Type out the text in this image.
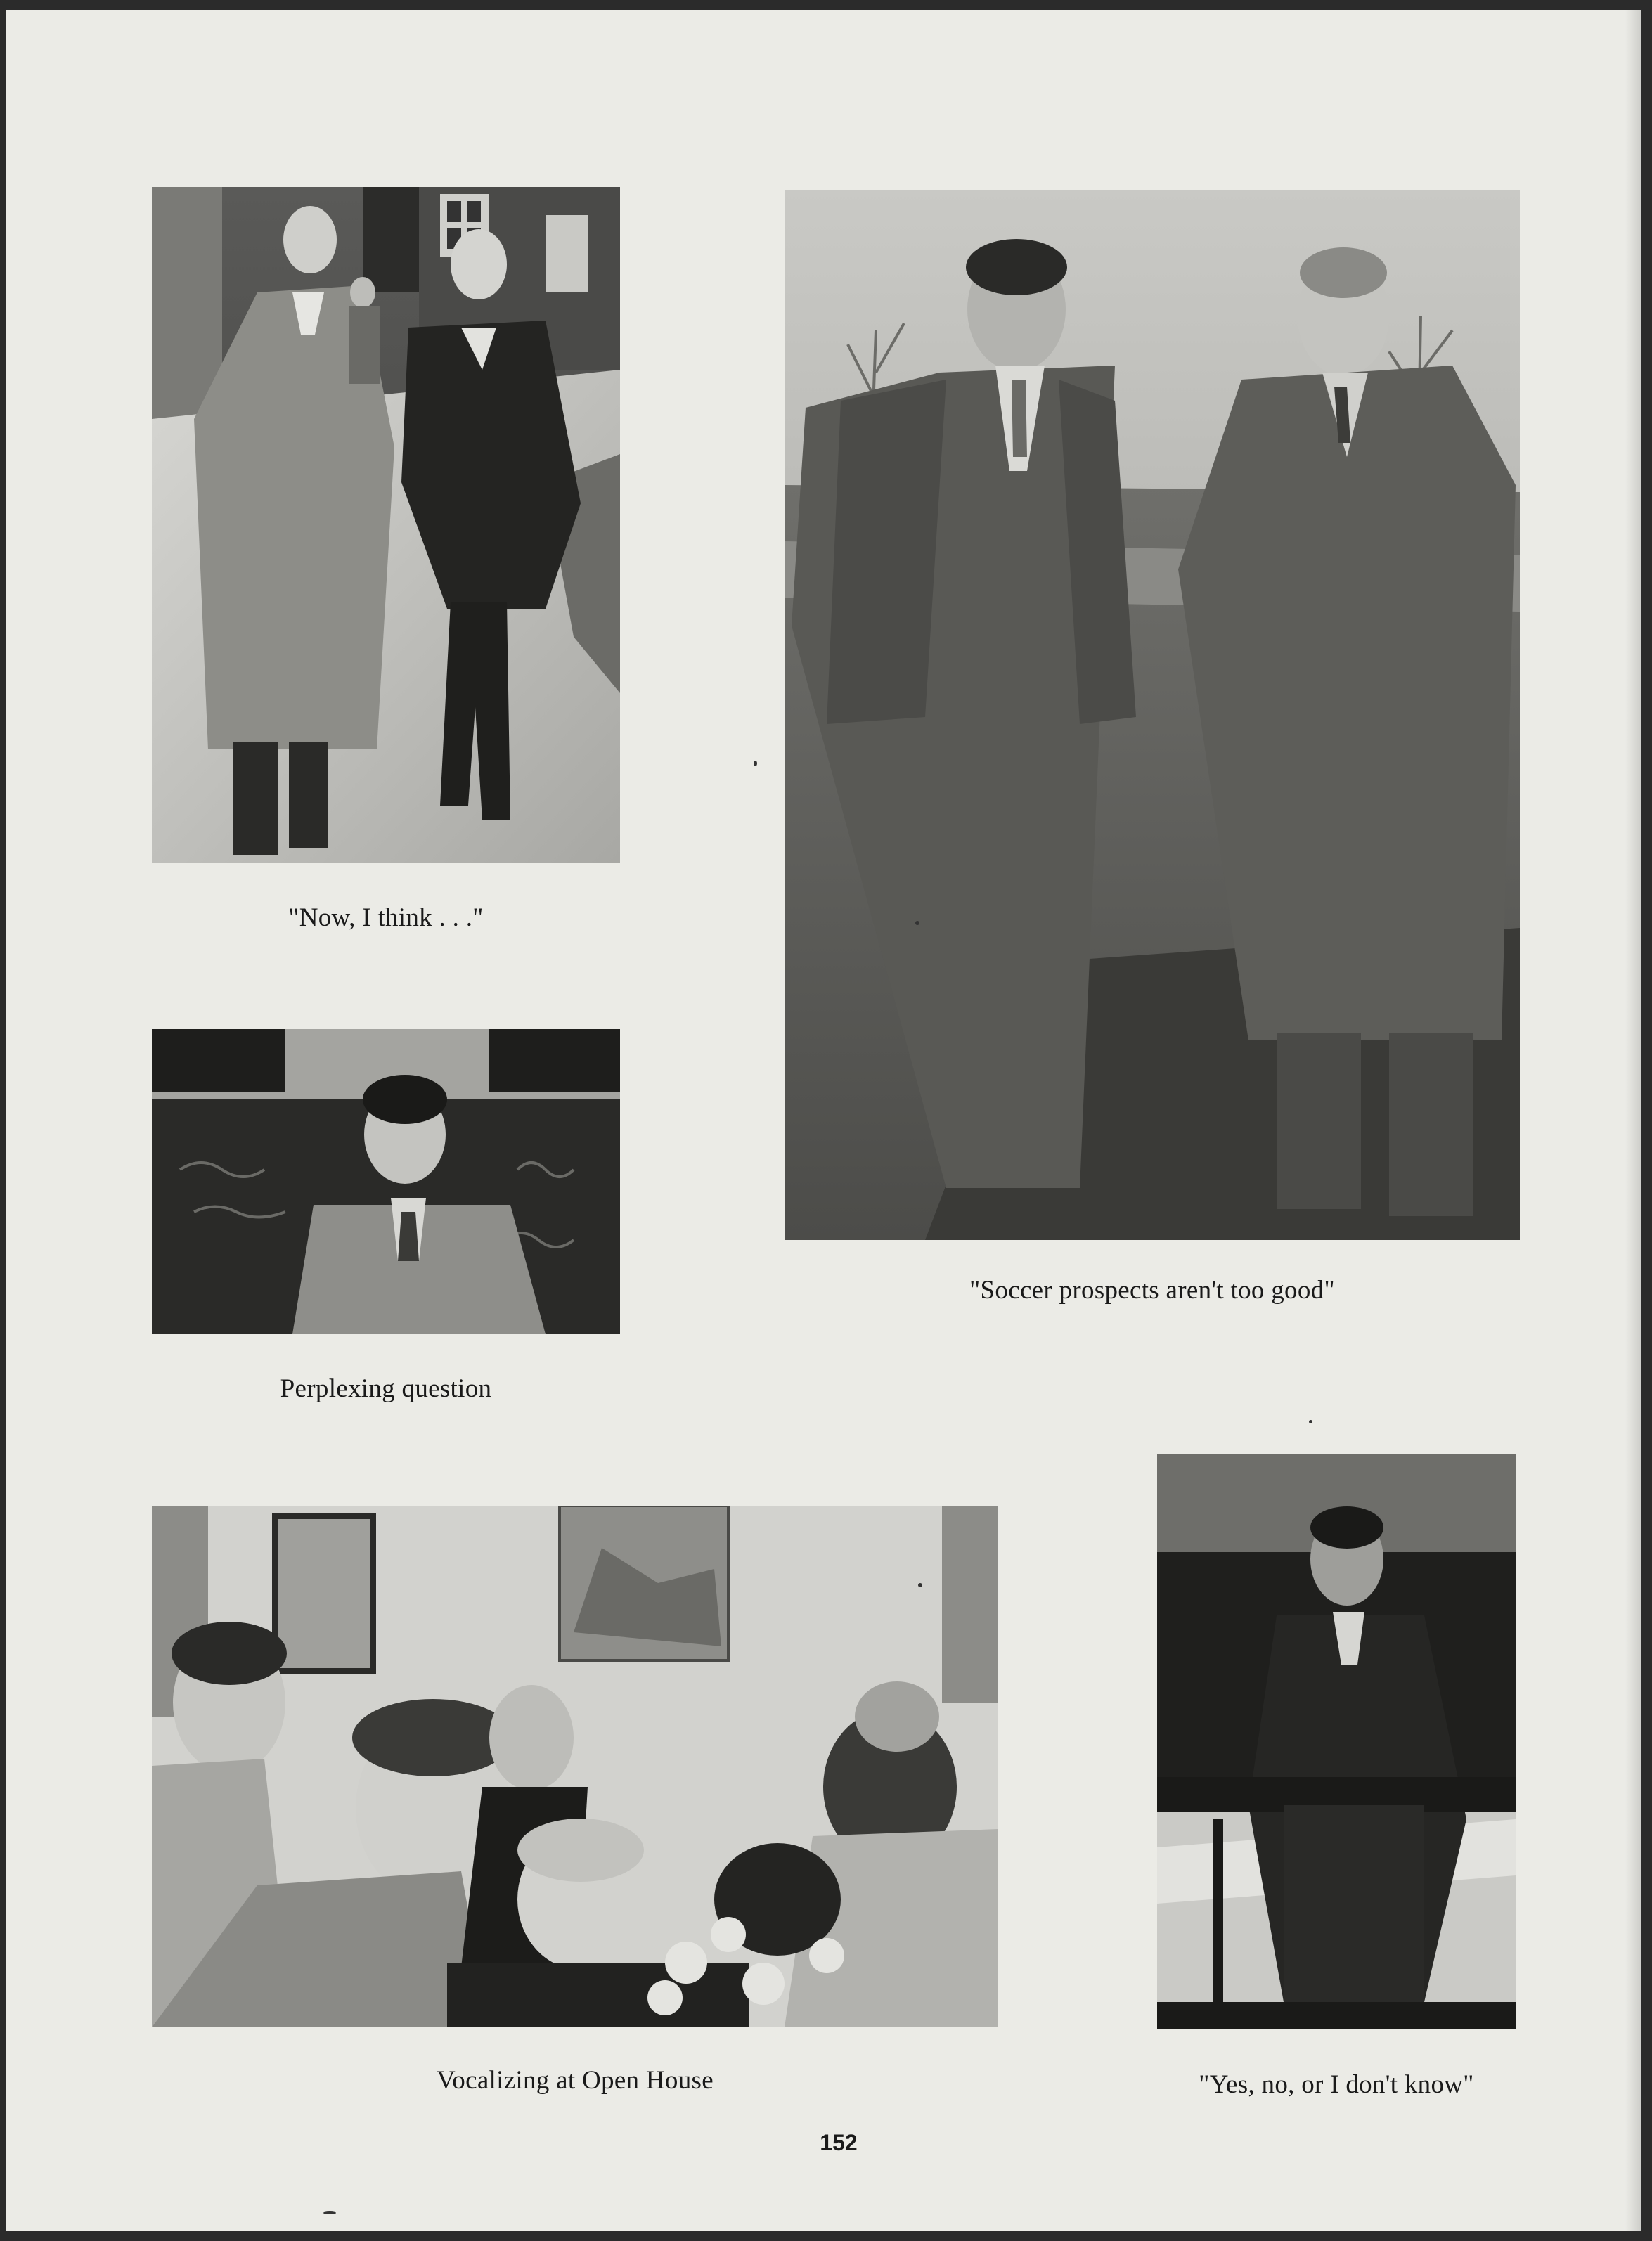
"Now, I think . . ."
"Soccer prospects aren't too good"
Perplexing question
Vocalizing at Open House	"Yes, no, or I don't know"
152
